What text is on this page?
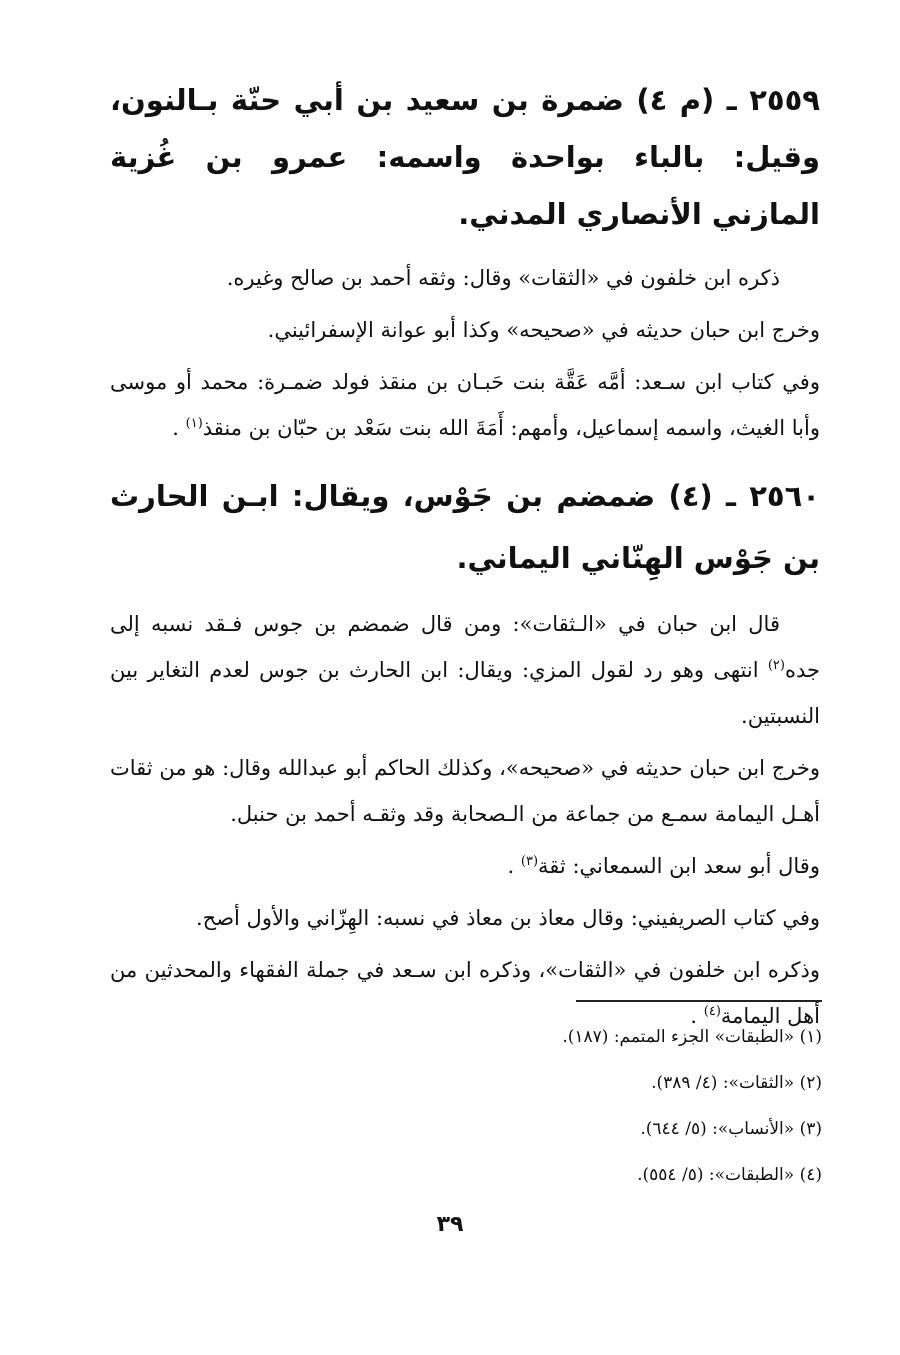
٢٥٥٩ ـ (م ٤) ضمرة بن سعيد بن أبي حنّة بـالنون، وقيل: بالباء بواحدة واسمه: عمرو بن غُزية المازني الأنصاري المدني.

ذكره ابن خلفون في «الثقات» وقال: وثقه أحمد بن صالح وغيره.

وخرج ابن حبان حديثه في «صحيحه» وكذا أبو عوانة الإسفرائيني.

وفي كتاب ابن سـعد: أمَّه عَقَّة بنت حَبـان بن منقذ فولد ضمـرة: محمد أو موسى وأبا الغيث، واسمه إسماعيل، وأمهم: أَمَةَ الله بنت سَعْد بن حبّان بن منقذ$^{(١)}$ .

٢٥٦٠ ـ (٤) ضمضم بن جَوْس، ويقال: ابـن الحارث بن جَوْس الهِنّاني اليماني.

قال ابن حبان في «الـثقات»: ومن قال ضمضم بن جوس فـقد نسبه إلى جده$^{(٢)}$ انتهى وهو رد لقول المزي: ويقال: ابن الحارث بن جوس لعدم التغاير بين النسبتين.

وخرج ابن حبان حديثه في «صحيحه»، وكذلك الحاكم أبو عبدالله وقال: هو من ثقات أهـل اليمامة سمـع من جماعة من الـصحابة وقد وثقـه أحمد بن حنبل.

وقال أبو سعد ابن السمعاني: ثقة$^{(٣)}$ .

وفي كتاب الصريفيني: وقال معاذ بن معاذ في نسبه: الهِزّاني والأول أصح.

وذكره ابن خلفون في «الثقات»، وذكره ابن سـعد في جملة الفقهاء والمحدثين من أهل اليمامة$^{(٤)}$ .

(١) «الطبقات» الجزء المتمم: (١٨٧).

(٢) «الثقات»: (٤/ ٣٨٩).

(٣) «الأنساب»: (٥/ ٦٤٤).

(٤) «الطبقات»: (٥/ ٥٥٤).

٣٩
